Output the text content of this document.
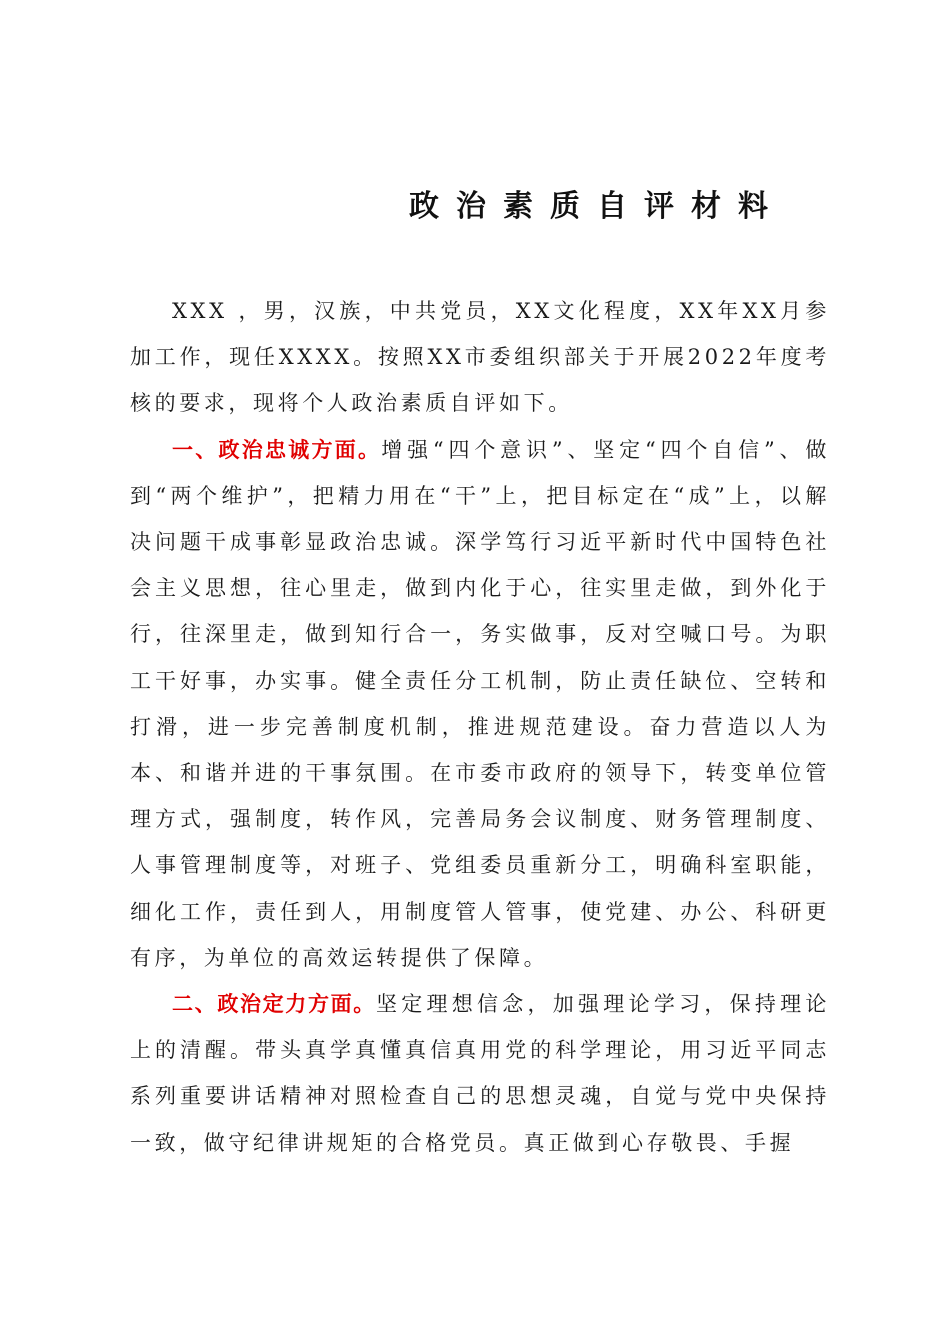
政治素质自评材料

XXX ，男，汉族，中共党员，XX文化程度，XX年XX月参加工作，现任XXXX。按照XX市委组织部关于开展2022年度考核的要求，现将个人政治素质自评如下。

一、政治忠诚方面。增强“四个意识”、坚定“四个自信”、做到“两个维护”，把精力用在“干”上，把目标定在“成”上，以解决问题干成事彰显政治忠诚。深学笃行习近平新时代中国特色社会主义思想，往心里走，做到内化于心，往实里走做，到外化于行，往深里走，做到知行合一，务实做事，反对空喊口号。为职工干好事，办实事。健全责任分工机制，防止责任缺位、空转和打滑，进一步完善制度机制，推进规范建设。奋力营造以人为本、和谐并进的干事氛围。在市委市政府的领导下，转变单位管理方式，强制度，转作风，完善局务会议制度、财务管理制度、人事管理制度等，对班子、党组委员重新分工，明确科室职能，细化工作，责任到人，用制度管人管事，使党建、办公、科研更有序，为单位的高效运转提供了保障。

二、政治定力方面。坚定理想信念，加强理论学习，保持理论上的清醒。带头真学真懂真信真用党的科学理论，用习近平同志系列重要讲话精神对照检查自己的思想灵魂，自觉与党中央保持一致，做守纪律讲规矩的合格党员。真正做到心存敬畏、手握
